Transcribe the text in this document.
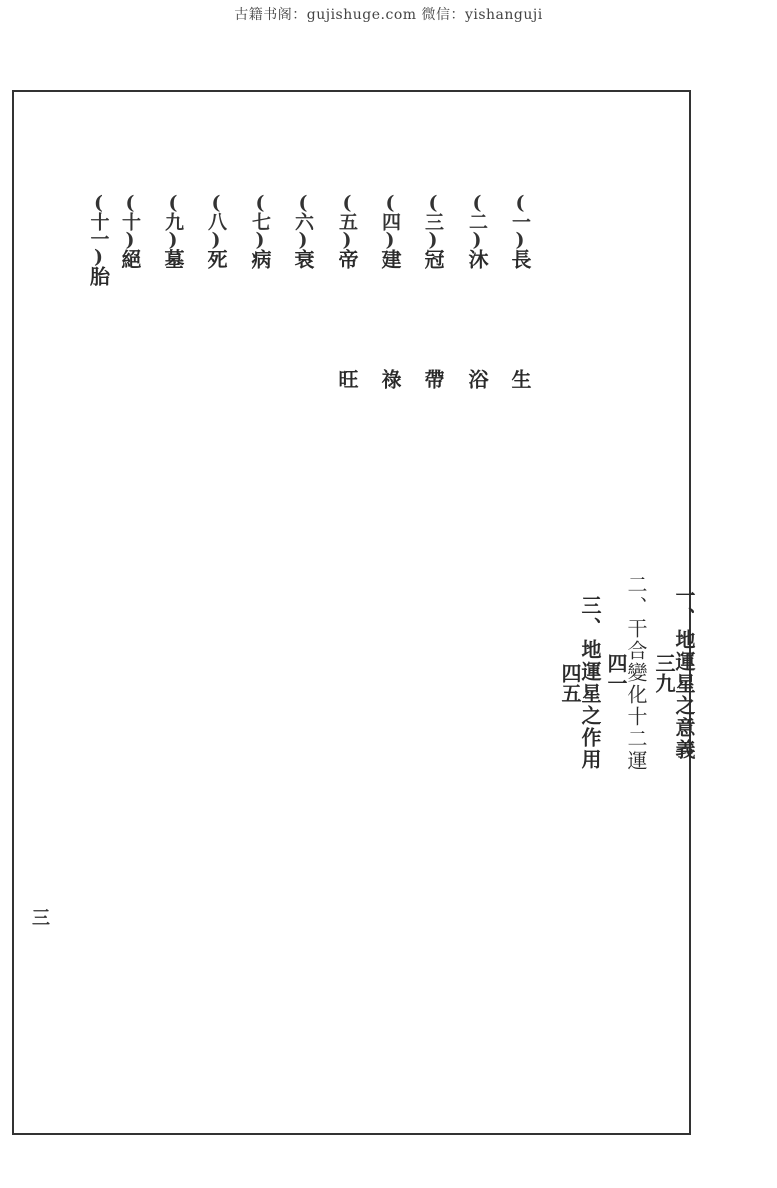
古籍书阁：gujishuge.com 微信：yishanguji
一、地運星之意義
三九
二、干合變化十二運
四一
三、地運星之作用
四五
(一)
長
生
(二)
沐
浴
(三)
冠
帶
(四)
建
祿
(五)
帝
旺
(六)
衰
(七)
病
(八)
死
(九)
墓
(十)
絕
(十一)
胎
三
